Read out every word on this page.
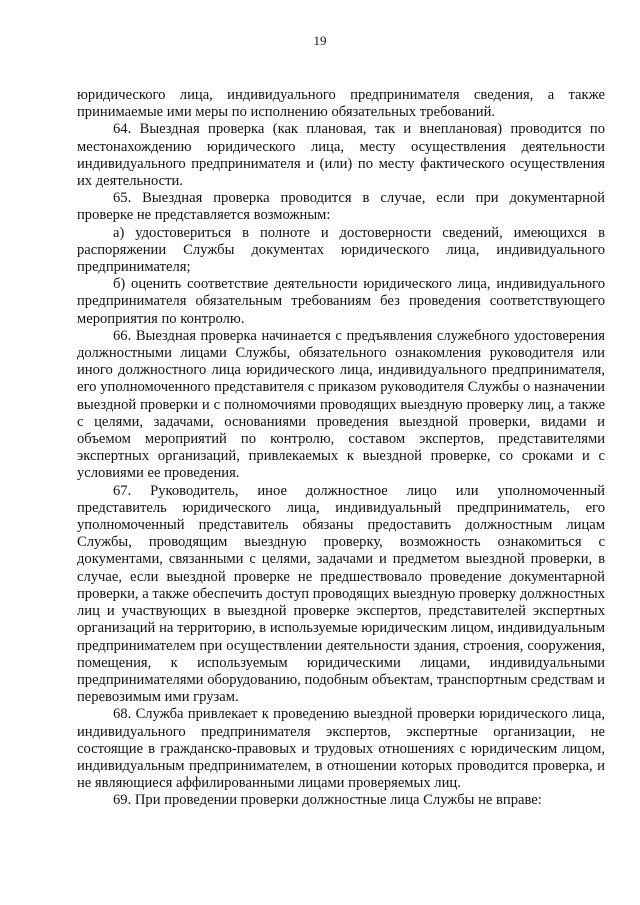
19

юридического лица, индивидуального предпринимателя сведения, а также принимаемые ими меры по исполнению обязательных требований.

64. Выездная проверка (как плановая, так и внеплановая) проводится по местонахождению юридического лица, месту осуществления деятельности индивидуального предпринимателя и (или) по месту фактического осуществления их деятельности.

65. Выездная проверка проводится в случае, если при документарной проверке не представляется возможным:

а) удостовериться в полноте и достоверности сведений, имеющихся в распоряжении Службы документах юридического лица, индивидуального предпринимателя;

б) оценить соответствие деятельности юридического лица, индивидуального предпринимателя обязательным требованиям без проведения соответствующего мероприятия по контролю.

66. Выездная проверка начинается с предъявления служебного удостоверения должностными лицами Службы, обязательного ознакомления руководителя или иного должностного лица юридического лица, индивидуального предпринимателя, его уполномоченного представителя с приказом руководителя Службы о назначении выездной проверки и с полномочиями проводящих выездную проверку лиц, а также с целями, задачами, основаниями проведения выездной проверки, видами и объемом мероприятий по контролю, составом экспертов, представителями экспертных организаций, привлекаемых к выездной проверке, со сроками и с условиями ее проведения.

67. Руководитель, иное должностное лицо или уполномоченный представитель юридического лица, индивидуальный предприниматель, его уполномоченный представитель обязаны предоставить должностным лицам Службы, проводящим выездную проверку, возможность ознакомиться с документами, связанными с целями, задачами и предметом выездной проверки, в случае, если выездной проверке не предшествовало проведение документарной проверки, а также обеспечить доступ проводящих выездную проверку должностных лиц и участвующих в выездной проверке экспертов, представителей экспертных организаций на территорию, в используемые юридическим лицом, индивидуальным предпринимателем при осуществлении деятельности здания, строения, сооружения, помещения, к используемым юридическими лицами, индивидуальными предпринимателями оборудованию, подобным объектам, транспортным средствам и перевозимым ими грузам.

68. Служба привлекает к проведению выездной проверки юридического лица, индивидуального предпринимателя экспертов, экспертные организации, не состоящие в гражданско-правовых и трудовых отношениях с юридическим лицом, индивидуальным предпринимателем, в отношении которых проводится проверка, и не являющиеся аффилированными лицами проверяемых лиц.

69. При проведении проверки должностные лица Службы не вправе:
